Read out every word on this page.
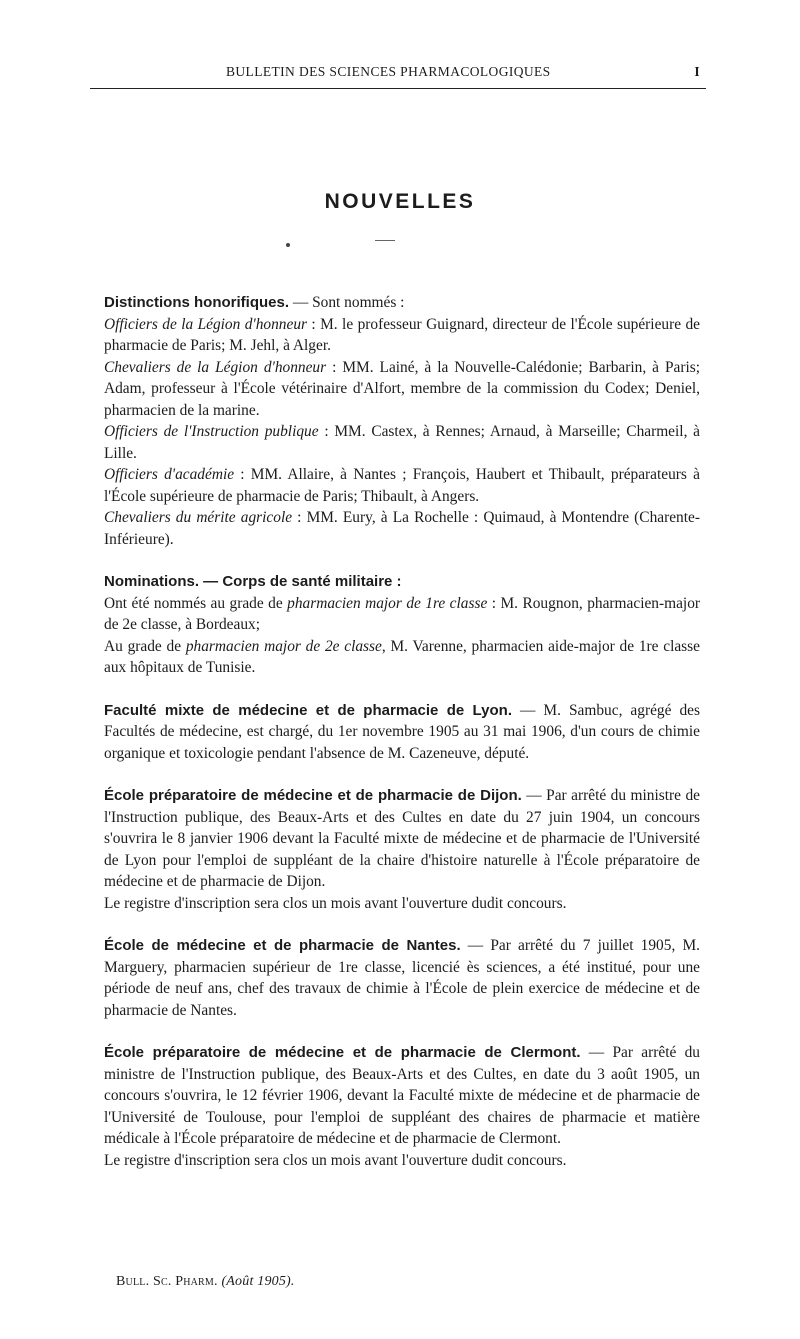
BULLETIN DES SCIENCES PHARMACOLOGIQUES	I
NOUVELLES

Distinctions honorifiques. — Sont nommés :

Officiers de la Légion d'honneur : M. le professeur Guignard, directeur de l'École supérieure de pharmacie de Paris; M. Jehl, à Alger.

Chevaliers de la Légion d'honneur : MM. Lainé, à la Nouvelle-Calédonie; Barbarin, à Paris; Adam, professeur à l'École vétérinaire d'Alfort, membre de la commission du Codex; Deniel, pharmacien de la marine.

Officiers de l'Instruction publique : MM. Castex, à Rennes; Arnaud, à Marseille; Charmeil, à Lille.

Officiers d'académie : MM. Allaire, à Nantes ; François, Haubert et Thibault, préparateurs à l'École supérieure de pharmacie de Paris; Thibault, à Angers.

Chevaliers du mérite agricole : MM. Eury, à La Rochelle : Quimaud, à Montendre (Charente-Inférieure).

Nominations. — Corps de santé militaire :

Ont été nommés au grade de pharmacien major de 1re classe : M. Rougnon, pharmacien-major de 2e classe, à Bordeaux;

Au grade de pharmacien major de 2e classe, M. Varenne, pharmacien aide-major de 1re classe aux hôpitaux de Tunisie.

Faculté mixte de médecine et de pharmacie de Lyon. — M. Sambuc, agrégé des Facultés de médecine, est chargé, du 1er novembre 1905 au 31 mai 1906, d'un cours de chimie organique et toxicologie pendant l'absence de M. Cazeneuve, député.

École préparatoire de médecine et de pharmacie de Dijon. — Par arrêté du ministre de l'Instruction publique, des Beaux-Arts et des Cultes en date du 27 juin 1904, un concours s'ouvrira le 8 janvier 1906 devant la Faculté mixte de médecine et de pharmacie de l'Université de Lyon pour l'emploi de suppléant de la chaire d'histoire naturelle à l'École préparatoire de médecine et de pharmacie de Dijon.

Le registre d'inscription sera clos un mois avant l'ouverture dudit concours.

École de médecine et de pharmacie de Nantes. — Par arrêté du 7 juillet 1905, M. Marguery, pharmacien supérieur de 1re classe, licencié ès sciences, a été institué, pour une période de neuf ans, chef des travaux de chimie à l'École de plein exercice de médecine et de pharmacie de Nantes.

École préparatoire de médecine et de pharmacie de Clermont. — Par arrêté du ministre de l'Instruction publique, des Beaux-Arts et des Cultes, en date du 3 août 1905, un concours s'ouvrira, le 12 février 1906, devant la Faculté mixte de médecine et de pharmacie de l'Université de Toulouse, pour l'emploi de suppléant des chaires de pharmacie et matière médicale à l'École préparatoire de médecine et de pharmacie de Clermont.

Le registre d'inscription sera clos un mois avant l'ouverture dudit concours.

Bull. Sc. Pharm. (Août 1905).
